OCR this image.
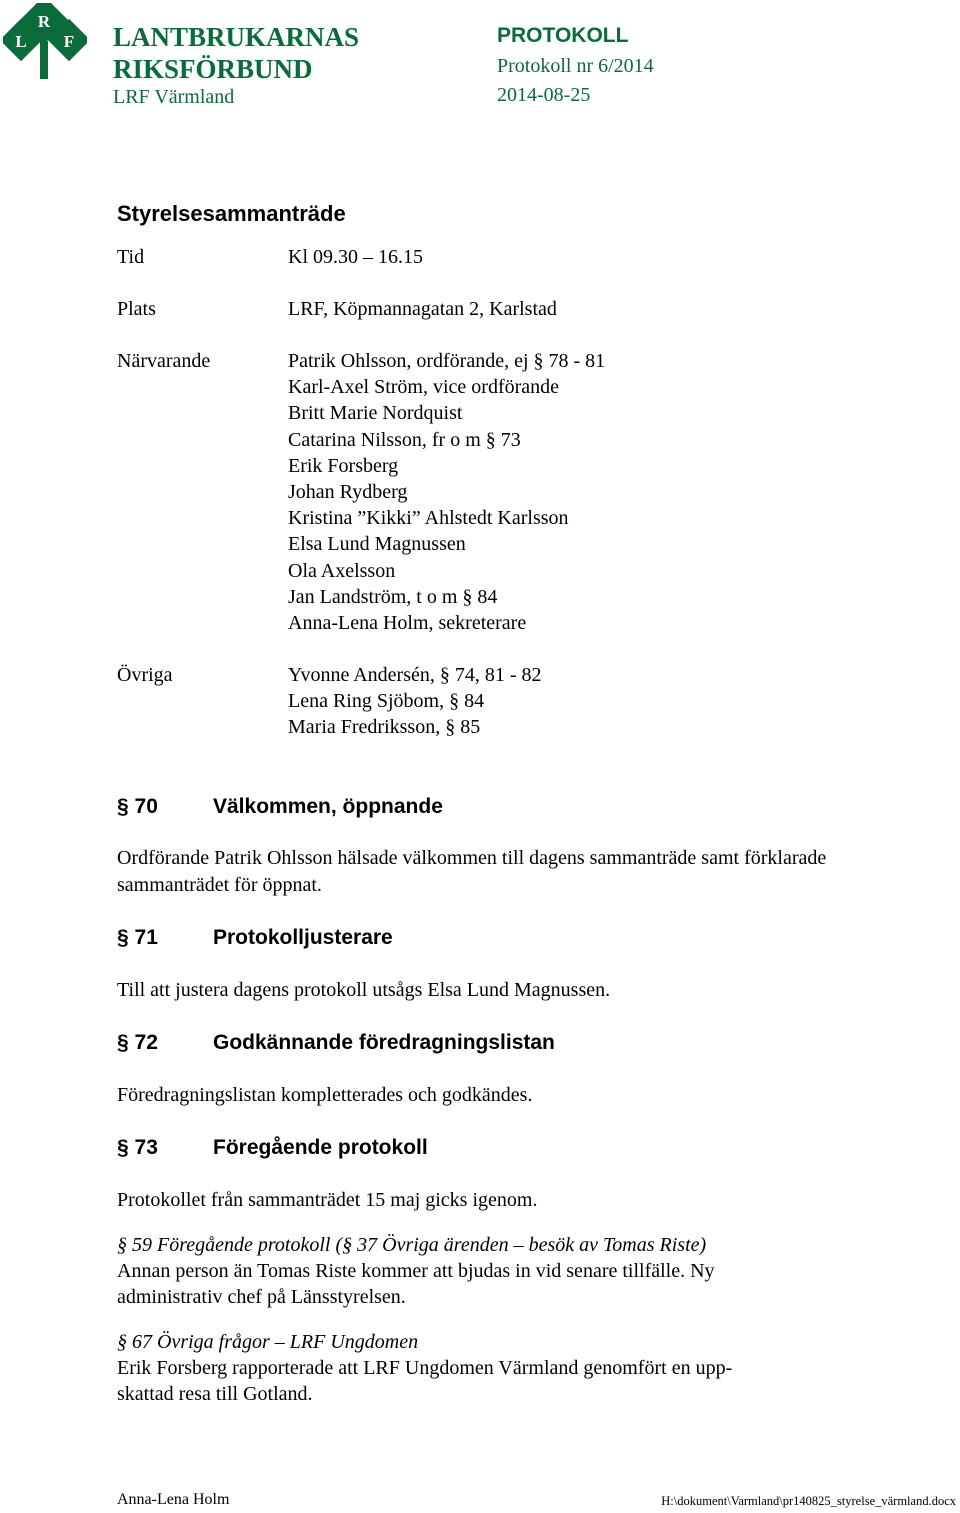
R
L F LANTBRUKARNAS
RIKSFÖRBUND
LRF Värmland
PROTOKOLL
Protokoll nr 6/2014
2014-08-25
Styrelsesammanträde
Tid	Kl 09.30 – 16.15
Plats	LRF, Köpmannagatan 2, Karlstad
Närvarande	Patrik Ohlsson, ordförande, ej § 78 - 81
Karl-Axel Ström, vice ordförande
Britt Marie Nordquist
Catarina Nilsson, fr o m § 73
Erik Forsberg
Johan Rydberg
Kristina ”Kikki” Ahlstedt Karlsson
Elsa Lund Magnussen
Ola Axelsson
Jan Landström, t o m § 84
Anna-Lena Holm, sekreterare
Övriga	Yvonne Andersén, § 74, 81 - 82
Lena Ring Sjöbom, § 84
Maria Fredriksson, § 85
§ 70	Välkommen, öppnande
Ordförande Patrik Ohlsson hälsade välkommen till dagens sammanträde samt förklarade sammanträdet för öppnat.
§ 71	Protokolljusterare
Till att justera dagens protokoll utsågs Elsa Lund Magnussen.
§ 72	Godkännande föredragningslistan
Föredragningslistan kompletterades och godkändes.
§ 73	Föregående protokoll
Protokollet från sammanträdet 15 maj gicks igenom.
§ 59 Föregående protokoll (§ 37 Övriga ärenden – besök av Tomas Riste)
Annan person än Tomas Riste kommer att bjudas in vid senare tillfälle. Ny
administrativ chef på Länsstyrelsen.
§ 67 Övriga frågor – LRF Ungdomen
Erik Forsberg rapporterade att LRF Ungdomen Värmland genomfört en upp-
skattad resa till Gotland.
Anna-Lena Holm	H:\dokument\Varmland\pr140825_styrelse_värmland.docx
